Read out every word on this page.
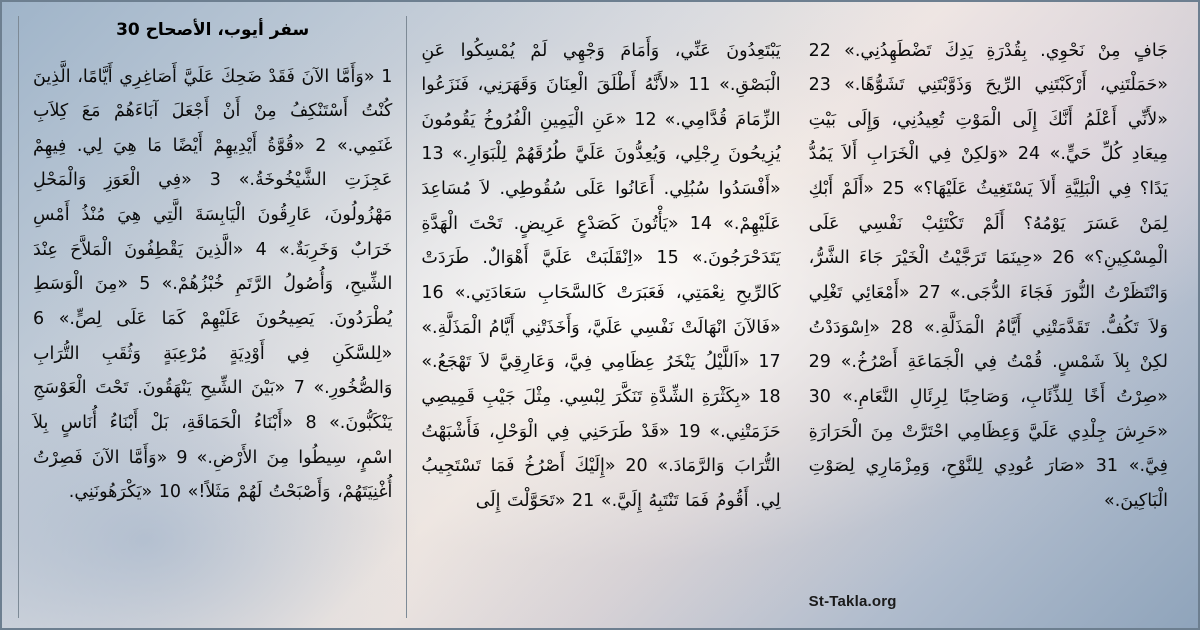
جَافٍ مِنْ نَحْوِي. بِقُدْرَةِ يَدِكَ تَضْطَهِدُنِي.» 22 «حَمَلْتَنِي، أَرْكَبْتَنِي الرِّيحَ وَذَوَّبْتَنِي تَشَوُّهًا.» 23 «لأَنِّي أَعْلَمُ أَنَّكَ إِلَى الْمَوْتِ تُعِيدُنِي، وَإِلَى بَيْتِ مِيعَادِ كُلِّ حَيٍّ.» 24 «وَلكِنْ فِي الْخَرَابِ أَلاَ يَمُدُّ يَدًا؟ فِي الْبَلِيَّةِ أَلاَ يَسْتَغِيثُ عَلَيْهَا؟» 25 «أَلَمْ أَبْكِ لِمَنْ عَسَرَ يَوْمُهُ؟ أَلَمْ تَكْتَئِبْ نَفْسِي عَلَى الْمِسْكِينِ؟» 26 «حِينَمَا تَرَجَّيْتُ الْخَيْرَ جَاءَ الشَّرُّ، وَانْتَظَرْتُ النُّورَ فَجَاءَ الدُّجَى.» 27 «أَمْعَائِي تَغْلِي وَلاَ تَكُفُّ. تَقَدَّمَتْنِي أَيَّامُ الْمَذَلَّةِ.» 28 «اِسْوَدَدْتُ لكِنْ بِلاَ شَمْسٍ. قُمْتُ فِي الْجَمَاعَةِ أَصْرُخُ.» 29 «صِرْتُ أَخًا لِلذِّئَابِ، وَصَاحِبًا لِرِئَالِ النَّعَامِ.» 30 «حَرِشَ جِلْدِي عَلَيَّ وَعِظَامِي احْتَرَّتْ مِنَ الْحَرَارَةِ فِيَّ.» 31 «صَارَ عُودِي لِلنَّوْحِ، وَمِزْمَارِي لِصَوْتِ الْبَاكِينَ.»

St-Takla.org

يَبْتَعِدُونَ عَنِّي، وَأَمَامَ وَجْهِي لَمْ يُمْسِكُوا عَنِ الْبَصْقِ.» 11 «لأَنَّهُ أَطْلَقَ الْعِنَانَ وَقَهَرَنِي، فَنَزَعُوا الزِّمَامَ قُدَّامِي.» 12 «عَنِ الْيَمِينِ الْفُرُوخُ يَقُومُونَ يُزِيحُونَ رِجْلِي، وَيُعِدُّونَ عَلَيَّ طُرُقَهُمْ لِلْبَوَارِ.» 13 «أَفْسَدُوا سُبُلِي. أَعَانُوا عَلَى سُقُوطِي. لاَ مُسَاعِدَ عَلَيْهِمْ.» 14 «يَأْتُونَ كَصَدْعٍ عَرِيضٍ. تَحْتَ الْهَدَّةِ يَتَدَحْرَجُونَ.» 15 «اِنْقَلَبَتْ عَلَيَّ أَهْوَالٌ. طَرَدَتْ كَالرِّيحِ نِعْمَتِي، فَعَبَرَتْ كَالسَّحَابِ سَعَادَتِي.» 16 «فَالآنَ انْهَالَتْ نَفْسِي عَلَيَّ، وَأَخَذَتْنِي أَيَّامُ الْمَذَلَّةِ.» 17 «اَللَّيْلُ يَنْخَرُ عِظَامِي فِيَّ، وَعَارِقِيَّ لاَ تَهْجَعُ.» 18 «بِكَثْرَةِ الشِّدَّةِ تَنَكَّرَ لِبْسِي. مِثْلَ جَيْبِ قَمِيصِي حَزَمَتْنِي.» 19 «قَدْ طَرَحَنِي فِي الْوَحْلِ، فَأَشْبَهْتُ التُّرَابَ وَالرَّمَادَ.» 20 «إِلَيْكَ أَصْرُخُ فَمَا تَسْتَجِيبُ لِي. أَقُومُ فَمَا تَنْتَبِهُ إِلَيَّ.» 21 «تَحَوَّلْتَ إِلَى

سفر أيوب، الأصحاح 30

1 «وَأَمَّا الآنَ فَقَدْ ضَحِكَ عَلَيَّ أَصَاغِرِي أَيَّامًا، الَّذِينَ كُنْتُ أَسْتَنْكِفُ مِنْ أَنْ أَجْعَلَ آبَاءَهُمْ مَعَ كِلاَبِ غَنَمِي.» 2 «قُوَّةُ أَيْدِيهِمْ أَيْضًا مَا هِيَ لِي. فِيهِمْ عَجِزَتِ الشَّيْخُوخَةُ.» 3 «فِي الْعَوَزِ وَالْمَحْلِ مَهْزُولُونَ، عَارِقُونَ الْيَابِسَةَ الَّتِي هِيَ مُنْذُ أَمْسِ خَرَابٌ وَخَرِبَةٌ.» 4 «الَّذِينَ يَقْطِفُونَ الْمَلاَّحَ عِنْدَ الشِّيحِ، وَأُصُولُ الرَّتَمِ خُبْزُهُمْ.» 5 «مِنَ الْوَسَطِ يُطْرَدُونَ. يَصِيحُونَ عَلَيْهِمْ كَمَا عَلَى لِصٍّ.» 6 «لِلسَّكَنِ فِي أَوْدِيَةٍ مُرْعِبَةٍ وَثُقَبِ التُّرَابِ وَالصُّخُورِ.» 7 «بَيْنَ الشِّيحِ يَنْهَقُونَ. تَحْتَ الْعَوْسَجِ يَنْكَبُّونَ.» 8 «أَبْنَاءُ الْحَمَاقَةِ، بَلْ أَبْنَاءُ أُنَاسٍ بِلاَ اسْمٍ، سِيطُوا مِنَ الأَرْضِ.» 9 «وَأَمَّا الآنَ فَصِرْتُ أُغْنِيَتَهُمْ، وَأَصْبَحْتُ لَهُمْ مَثَلاً!» 10 «يَكْرَهُونَنِي.
